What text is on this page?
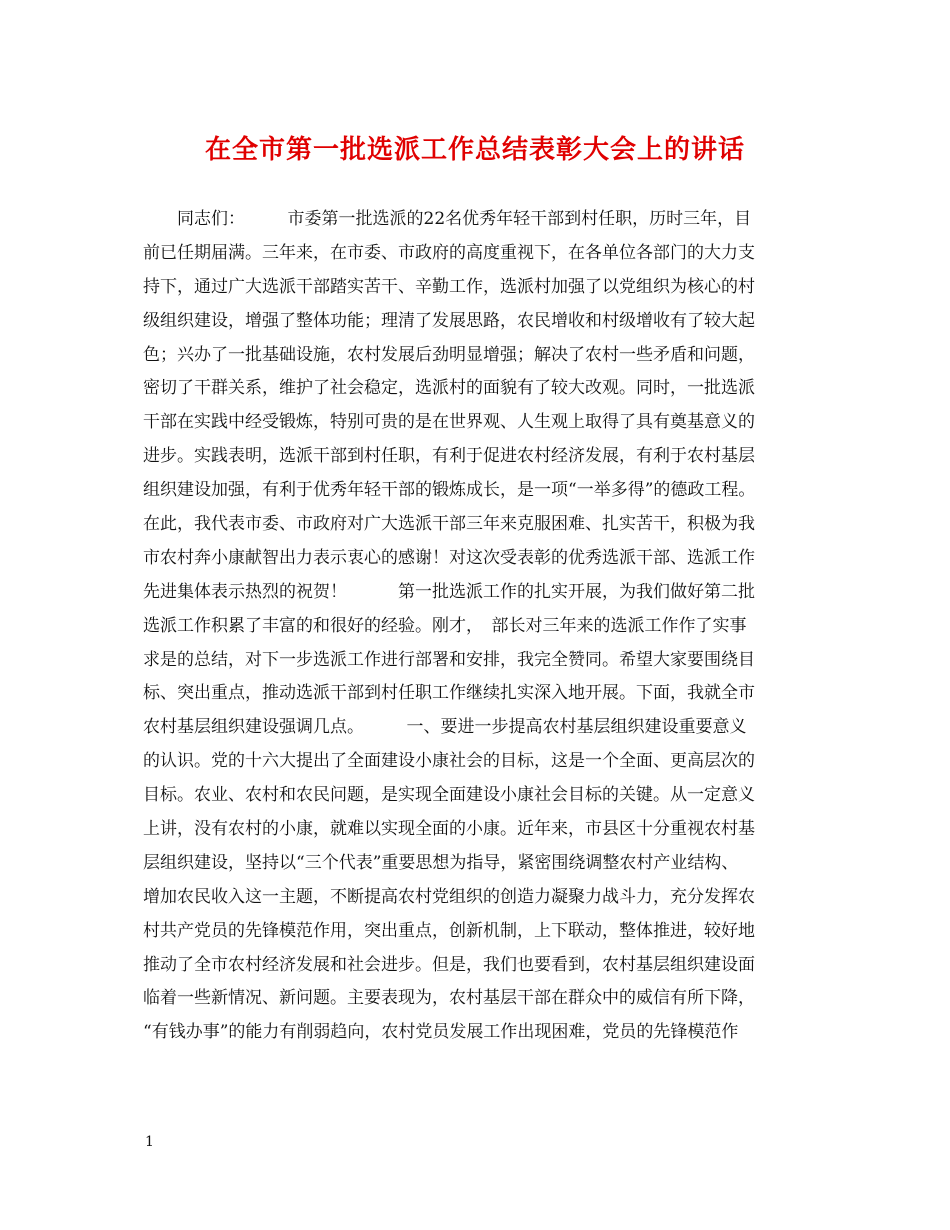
在全市第一批选派工作总结表彰大会上的讲话
　　同志们：　　　市委第一批选派的22名优秀年轻干部到村任职，历时三年，目
前已任期届满。三年来，在市委、市政府的高度重视下，在各单位各部门的大力支
持下，通过广大选派干部踏实苦干、辛勤工作，选派村加强了以党组织为核心的村
级组织建设，增强了整体功能；理清了发展思路，农民增收和村级增收有了较大起
色；兴办了一批基础设施，农村发展后劲明显增强；解决了农村一些矛盾和问题，
密切了干群关系，维护了社会稳定，选派村的面貌有了较大改观。同时，一批选派
干部在实践中经受锻炼，特别可贵的是在世界观、人生观上取得了具有奠基意义的
进步。实践表明，选派干部到村任职，有利于促进农村经济发展，有利于农村基层
组织建设加强，有利于优秀年轻干部的锻炼成长，是一项“一举多得”的德政工程。
在此，我代表市委、市政府对广大选派干部三年来克服困难、扎实苦干，积极为我
市农村奔小康献智出力表示衷心的感谢！对这次受表彰的优秀选派干部、选派工作
先进集体表示热烈的祝贺！　　　第一批选派工作的扎实开展，为我们做好第二批
选派工作积累了丰富的和很好的经验。刚才，　部长对三年来的选派工作作了实事
求是的总结，对下一步选派工作进行部署和安排，我完全赞同。希望大家要围绕目
标、突出重点，推动选派干部到村任职工作继续扎实深入地开展。下面，我就全市
农村基层组织建设强调几点。　　　一、要进一步提高农村基层组织建设重要意义
的认识。党的十六大提出了全面建设小康社会的目标，这是一个全面、更高层次的
目标。农业、农村和农民问题，是实现全面建设小康社会目标的关键。从一定意义
上讲，没有农村的小康，就难以实现全面的小康。近年来，市县区十分重视农村基
层组织建设，坚持以“三个代表”重要思想为指导，紧密围绕调整农村产业结构、
增加农民收入这一主题，不断提高农村党组织的创造力凝聚力战斗力，充分发挥农
村共产党员的先锋模范作用，突出重点，创新机制，上下联动，整体推进，较好地
推动了全市农村经济发展和社会进步。但是，我们也要看到，农村基层组织建设面
临着一些新情况、新问题。主要表现为，农村基层干部在群众中的威信有所下降，
“有钱办事”的能力有削弱趋向，农村党员发展工作出现困难，党员的先锋模范作
1
